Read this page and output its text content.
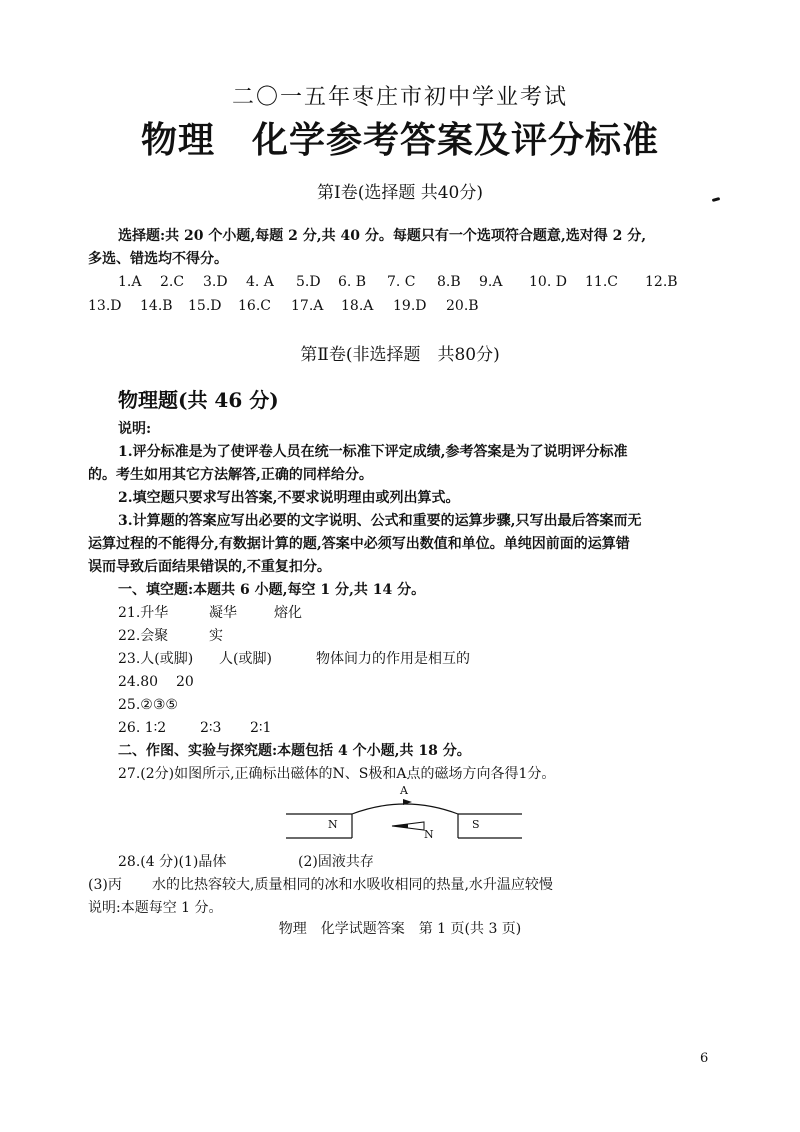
二〇一五年枣庄市初中学业考试
物理　化学参考答案及评分标准
第Ⅰ卷(选择题 共40分)
选择题:共 20 个小题,每题 2 分,共 40 分。每题只有一个选项符合题意,选对得 2 分,
多选、错选均不得分。
1.A 2.C 3.D 4. A 5.D 6. B 7. C 8.B 9.A 10. D 11.C 12.B
13.D 14.B 15.D 16.C 17.A 18.A 19.D 20.B
第Ⅱ卷(非选择题　共80分)
物理题(共 46 分)
说明:
1.评分标准是为了使评卷人员在统一标准下评定成绩,参考答案是为了说明评分标准
的。考生如用其它方法解答,正确的同样给分。
2.填空题只要求写出答案,不要求说明理由或列出算式。
3.计算题的答案应写出必要的文字说明、公式和重要的运算步骤,只写出最后答案而无
运算过程的不能得分,有数据计算的题,答案中必须写出数值和单位。单纯因前面的运算错
误而导致后面结果错误的,不重复扣分。
一、填空题:本题共 6 小题,每空 1 分,共 14 分。
21.升华	凝华	熔化
22.会聚	实
23.人(或脚) 人(或脚)	物体间力的作用是相互的
24.80 20
25.②③⑤
26. 1∶2 2∶3 2∶1
二、作图、实验与探究题:本题包括 4 个小题,共 18 分。
27.(2分)如图所示,正确标出磁体的N、S极和A点的磁场方向各得1分。
A
N	S
N
28.(4 分)(1)晶体	(2)固液共存
(3)丙 水的比热容较大,质量相同的冰和水吸收相同的热量,水升温应较慢
说明:本题每空 1 分。
物理　化学试题答案　第 1 页(共 3 页)
6
